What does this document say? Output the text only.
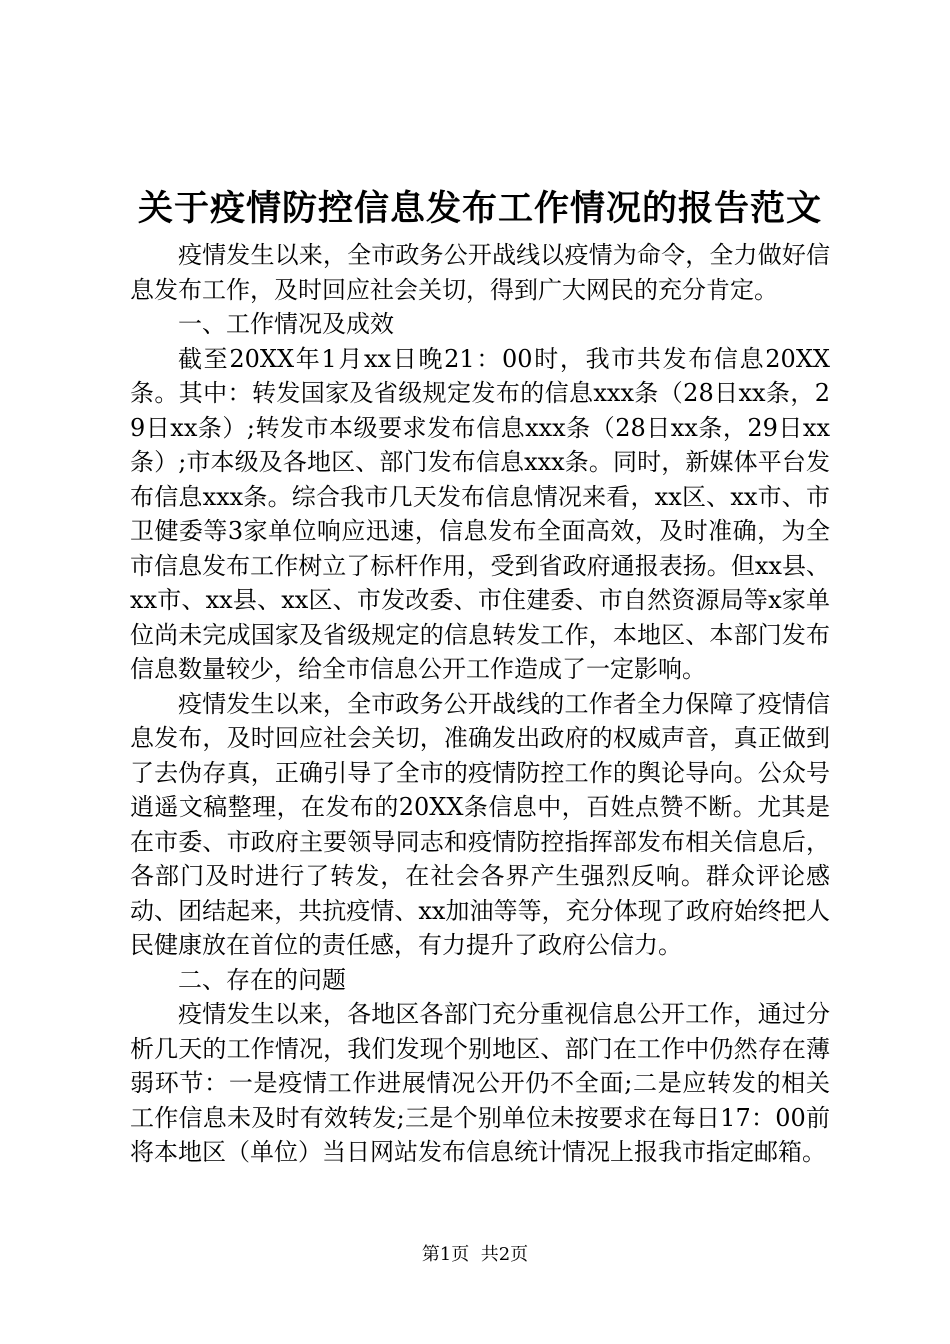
关于疫情防控信息发布工作情况的报告范文

疫情发生以来，全市政务公开战线以疫情为命令，全力做好信息发布工作，及时回应社会关切，得到广大网民的充分肯定。

一、工作情况及成效

截至20XX年1月xx日晚21：00时，我市共发布信息20XX条。其中：转发国家及省级规定发布的信息xxx条（28日xx条，29日xx条）;转发市本级要求发布信息xxx条（28日xx条，29日xx条）;市本级及各地区、部门发布信息xxx条。同时，新媒体平台发布信息xxx条。综合我市几天发布信息情况来看，xx区、xx市、市卫健委等3家单位响应迅速，信息发布全面高效，及时准确，为全市信息发布工作树立了标杆作用，受到省政府通报表扬。但xx县、xx市、xx县、xx区、市发改委、市住建委、市自然资源局等x家单位尚未完成国家及省级规定的信息转发工作，本地区、本部门发布信息数量较少，给全市信息公开工作造成了一定影响。

疫情发生以来，全市政务公开战线的工作者全力保障了疫情信息发布，及时回应社会关切，准确发出政府的权威声音，真正做到了去伪存真，正确引导了全市的疫情防控工作的舆论导向。公众号逍遥文稿整理，在发布的20XX条信息中，百姓点赞不断。尤其是在市委、市政府主要领导同志和疫情防控指挥部发布相关信息后，各部门及时进行了转发，在社会各界产生强烈反响。群众评论感动、团结起来，共抗疫情、xx加油等等，充分体现了政府始终把人民健康放在首位的责任感，有力提升了政府公信力。

二、存在的问题

疫情发生以来，各地区各部门充分重视信息公开工作，通过分析几天的工作情况，我们发现个别地区、部门在工作中仍然存在薄弱环节：一是疫情工作进展情况公开仍不全面;二是应转发的相关工作信息未及时有效转发;三是个别单位未按要求在每日17：00前将本地区（单位）当日网站发布信息统计情况上报我市指定邮箱。

第1页  共2页
